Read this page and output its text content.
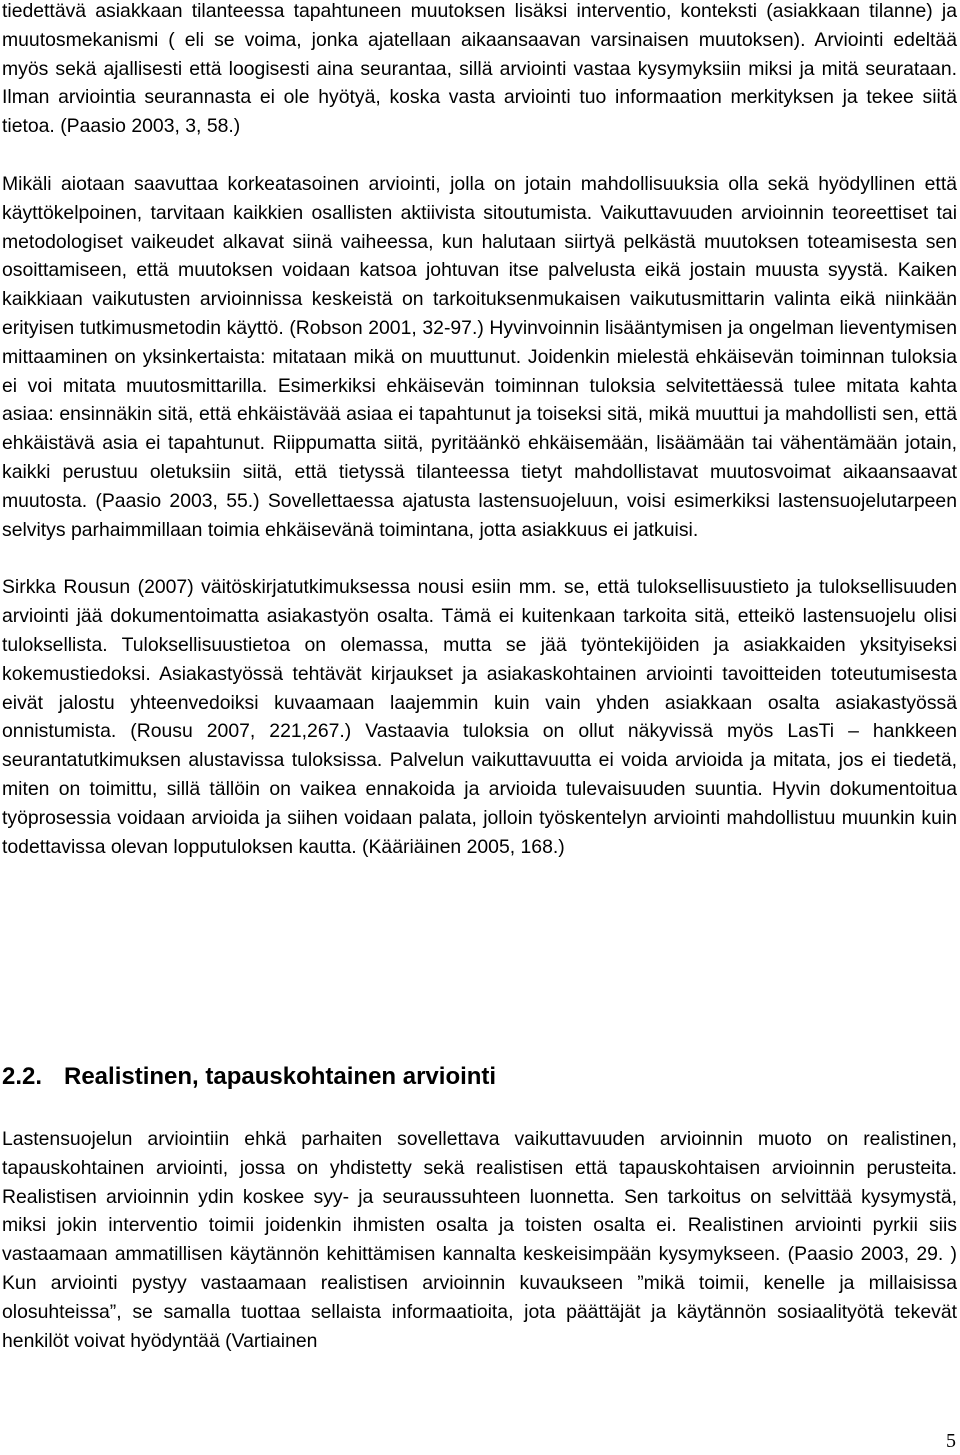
tiedettävä asiakkaan tilanteessa tapahtuneen muutoksen lisäksi interventio, konteksti (asiakkaan tilanne) ja muutosmekanismi ( eli se voima, jonka ajatellaan aikaansaavan varsinaisen muutoksen). Arviointi edeltää myös sekä ajallisesti että loogisesti aina seurantaa, sillä arviointi vastaa kysymyksiin miksi ja mitä seurataan. Ilman arviointia seurannasta ei ole hyötyä, koska vasta arviointi tuo informaation merkityksen ja tekee siitä tietoa. (Paasio 2003, 3, 58.)

Mikäli aiotaan saavuttaa korkeatasoinen arviointi, jolla on jotain mahdollisuuksia olla sekä hyödyllinen että käyttökelpoinen, tarvitaan kaikkien osallisten aktiivista sitoutumista. Vaikuttavuuden arvioinnin teoreettiset tai metodologiset vaikeudet alkavat siinä vaiheessa, kun halutaan siirtyä pelkästä muutoksen toteamisesta sen osoittamiseen, että muutoksen voidaan katsoa johtuvan itse palvelusta eikä jostain muusta syystä. Kaiken kaikkiaan vaikutusten arvioinnissa keskeistä on tarkoituksenmukaisen vaikutusmittarin valinta eikä niinkään erityisen tutkimusmetodin käyttö. (Robson 2001, 32-97.) Hyvinvoinnin lisääntymisen ja ongelman lieventymisen mittaaminen on yksinkertaista: mitataan mikä on muuttunut. Joidenkin mielestä ehkäisevän toiminnan tuloksia ei voi mitata muutosmittarilla. Esimerkiksi ehkäisevän toiminnan tuloksia selvitettäessä tulee mitata kahta asiaa: ensinnäkin sitä, että ehkäistävää asiaa ei tapahtunut ja toiseksi sitä, mikä muuttui ja mahdollisti sen, että ehkäistävä asia ei tapahtunut. Riippumatta siitä, pyritäänkö ehkäisemään, lisäämään tai vähentämään jotain, kaikki perustuu oletuksiin siitä, että tietyssä tilanteessa tietyt mahdollistavat muutosvoimat aikaansaavat muutosta. (Paasio 2003, 55.) Sovellettaessa ajatusta lastensuojeluun, voisi esimerkiksi lastensuojelutarpeen selvitys parhaimmillaan toimia ehkäisevänä toimintana, jotta asiakkuus ei jatkuisi.

Sirkka Rousun (2007) väitöskirjatutkimuksessa nousi esiin mm. se, että tuloksellisuustieto ja tuloksellisuuden arviointi jää dokumentoimatta asiakastyön osalta. Tämä ei kuitenkaan tarkoita sitä, etteikö lastensuojelu olisi tuloksellista. Tuloksellisuustietoa on olemassa, mutta se jää työntekijöiden ja asiakkaiden yksityiseksi kokemustiedoksi. Asiakastyössä tehtävät kirjaukset ja asiakaskohtainen arviointi tavoitteiden toteutumisesta eivät jalostu yhteenvedoiksi kuvaamaan laajemmin kuin vain yhden asiakkaan osalta asiakastyössä onnistumista. (Rousu 2007, 221,267.) Vastaavia tuloksia on ollut näkyvissä myös LasTi – hankkeen seurantatutkimuksen alustavissa tuloksissa. Palvelun vaikuttavuutta ei voida arvioida ja mitata, jos ei tiedetä, miten on toimittu, sillä tällöin on vaikea ennakoida ja arvioida tulevaisuuden suuntia. Hyvin dokumentoitua työprosessia voidaan arvioida ja siihen voidaan palata, jolloin työskentelyn arviointi mahdollistuu muunkin kuin todettavissa olevan lopputuloksen kautta. (Kääriäinen 2005, 168.)

2.2. Realistinen, tapauskohtainen arviointi

Lastensuojelun arviointiin ehkä parhaiten sovellettava vaikuttavuuden arvioinnin muoto on realistinen, tapauskohtainen arviointi, jossa on yhdistetty sekä realistisen että tapauskohtaisen arvioinnin perusteita. Realistisen arvioinnin ydin koskee syy- ja seuraussuhteen luonnetta. Sen tarkoitus on selvittää kysymystä, miksi jokin interventio toimii joidenkin ihmisten osalta ja toisten osalta ei. Realistinen arviointi pyrkii siis vastaamaan ammatillisen käytännön kehittämisen kannalta keskeisimpään kysymykseen. (Paasio 2003, 29. ) Kun arviointi pystyy vastaamaan realistisen arvioinnin kuvaukseen ”mikä toimii, kenelle ja millaisissa olosuhteissa”, se samalla tuottaa sellaista informaatioita, jota päättäjät ja käytännön sosiaalityötä tekevät henkilöt voivat hyödyntää (Vartiainen

5
